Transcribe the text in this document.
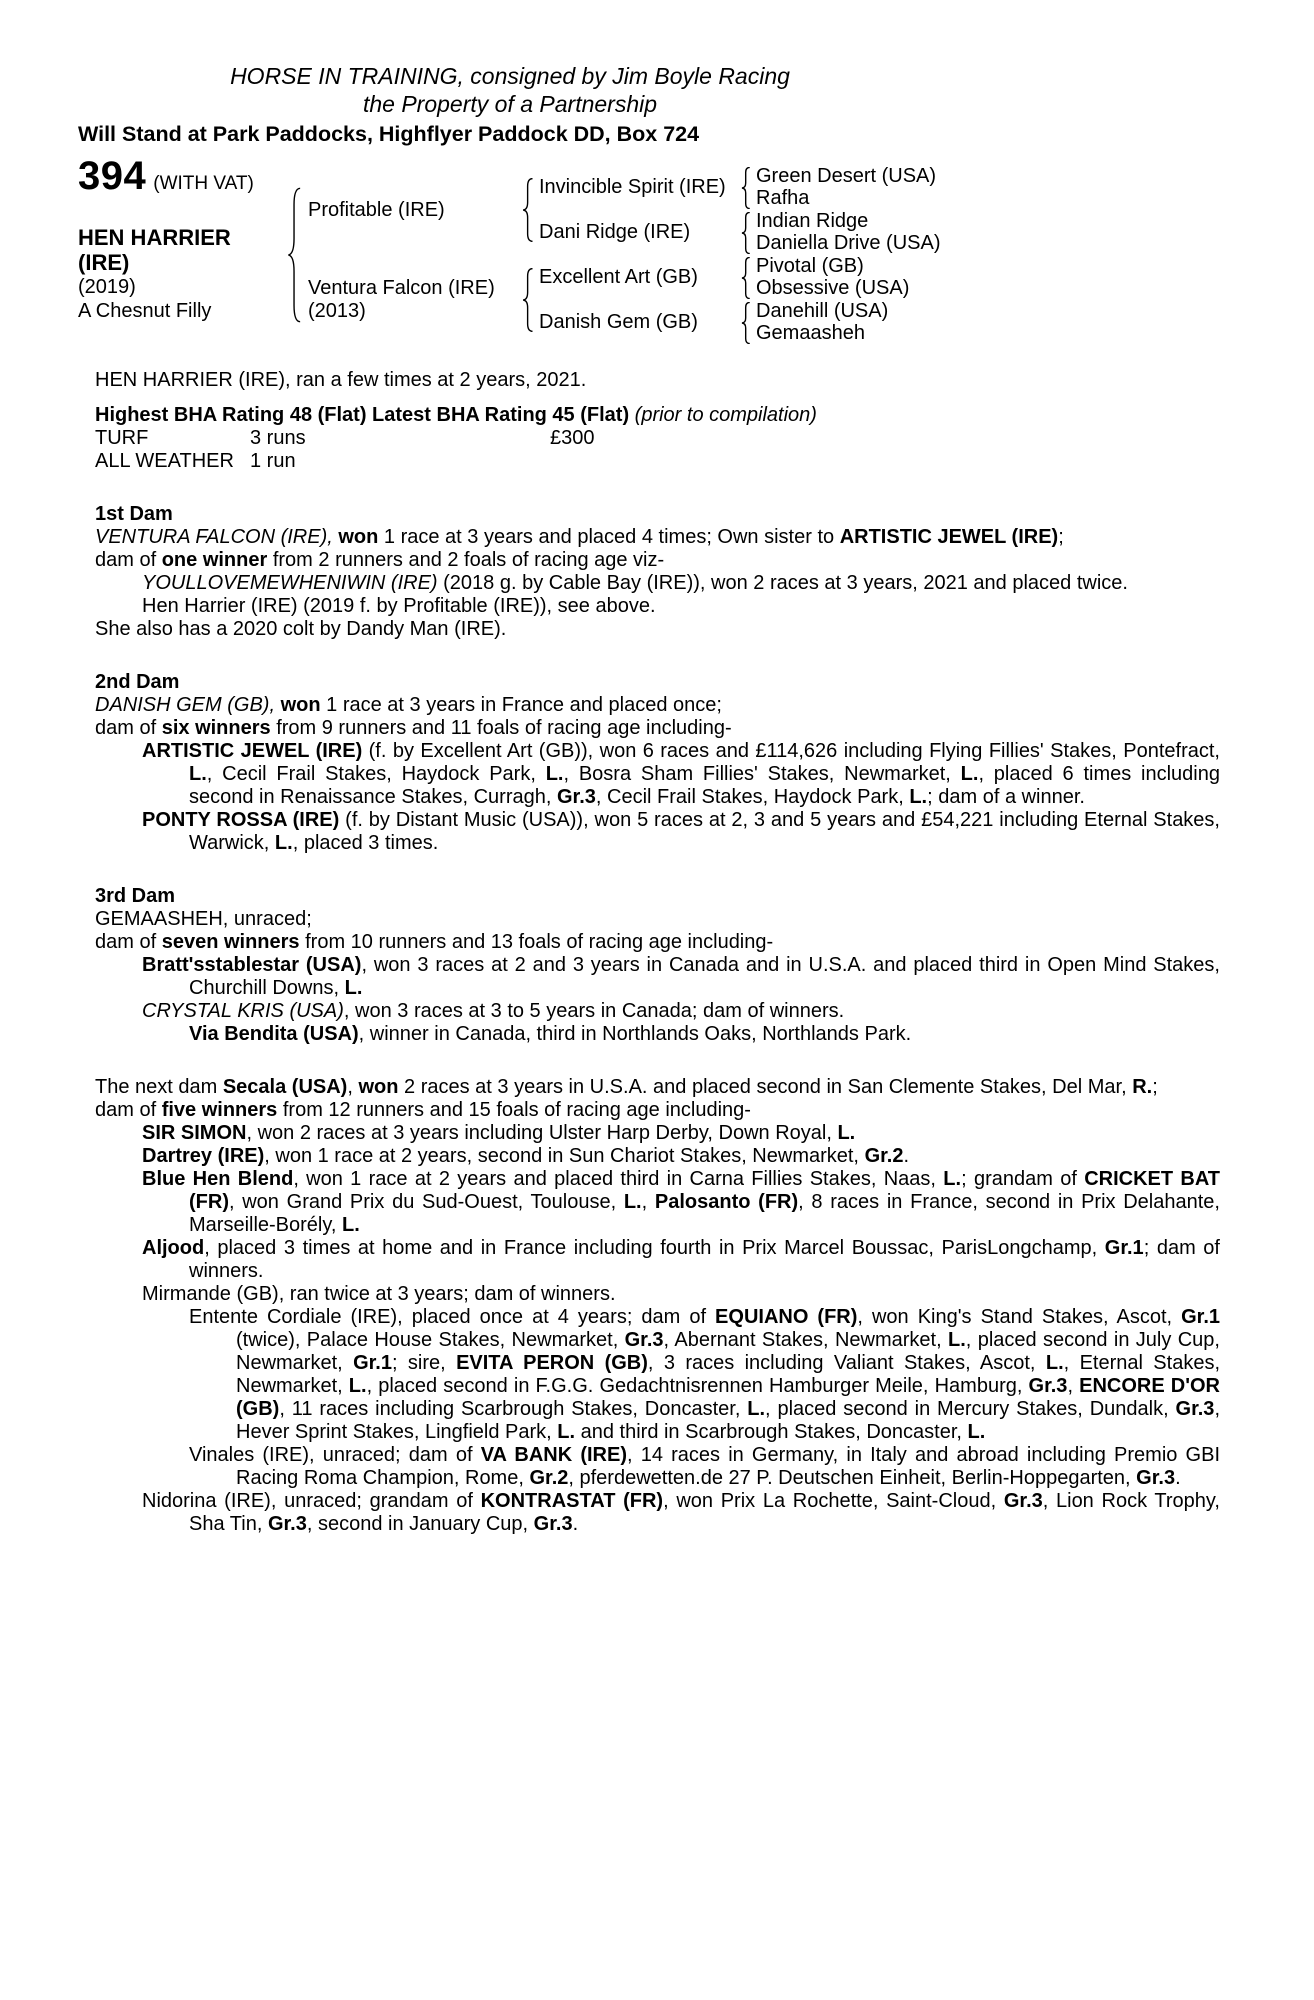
HORSE IN TRAINING, consigned by Jim Boyle Racing
the Property of a Partnership
Will Stand at Park Paddocks, Highflyer Paddock DD, Box 724
394 (WITH VAT)
HEN HARRIER (IRE)
(2019)
A Chesnut Filly
Profitable (IRE)
Invincible Spirit (IRE)
Green Desert (USA)
Rafha
Dani Ridge (IRE)
Indian Ridge
Daniella Drive (USA)
Ventura Falcon (IRE)
(2013)
Excellent Art (GB)
Pivotal (GB)
Obsessive (USA)
Danish Gem (GB)
Danehill (USA)
Gemaasheh
HEN HARRIER (IRE), ran a few times at 2 years, 2021.
Highest BHA Rating 48 (Flat) Latest BHA Rating 45 (Flat) (prior to compilation)
TURF	3 runs	£300
ALL WEATHER 1 run
1st Dam
VENTURA FALCON (IRE), won 1 race at 3 years and placed 4 times; Own sister to ARTISTIC JEWEL (IRE);
dam of one winner from 2 runners and 2 foals of racing age viz-
YOULLOVEMEWHENIWIN (IRE) (2018 g. by Cable Bay (IRE)), won 2 races at 3 years, 2021 and placed twice.
Hen Harrier (IRE) (2019 f. by Profitable (IRE)), see above.
She also has a 2020 colt by Dandy Man (IRE).
2nd Dam
DANISH GEM (GB), won 1 race at 3 years in France and placed once;
dam of six winners from 9 runners and 11 foals of racing age including-
ARTISTIC JEWEL (IRE) (f. by Excellent Art (GB)), won 6 races and £114,626 including Flying Fillies' Stakes, Pontefract, L., Cecil Frail Stakes, Haydock Park, L., Bosra Sham Fillies' Stakes, Newmarket, L., placed 6 times including second in Renaissance Stakes, Curragh, Gr.3, Cecil Frail Stakes, Haydock Park, L.; dam of a winner.
PONTY ROSSA (IRE) (f. by Distant Music (USA)), won 5 races at 2, 3 and 5 years and £54,221 including Eternal Stakes, Warwick, L., placed 3 times.
3rd Dam
GEMAASHEH, unraced;
dam of seven winners from 10 runners and 13 foals of racing age including-
Bratt'sstablestar (USA), won 3 races at 2 and 3 years in Canada and in U.S.A. and placed third in Open Mind Stakes, Churchill Downs, L.
CRYSTAL KRIS (USA), won 3 races at 3 to 5 years in Canada; dam of winners.
Via Bendita (USA), winner in Canada, third in Northlands Oaks, Northlands Park.
The next dam Secala (USA), won 2 races at 3 years in U.S.A. and placed second in San Clemente Stakes, Del Mar, R.;
dam of five winners from 12 runners and 15 foals of racing age including-
SIR SIMON, won 2 races at 3 years including Ulster Harp Derby, Down Royal, L.
Dartrey (IRE), won 1 race at 2 years, second in Sun Chariot Stakes, Newmarket, Gr.2.
Blue Hen Blend, won 1 race at 2 years and placed third in Carna Fillies Stakes, Naas, L.; grandam of CRICKET BAT (FR), won Grand Prix du Sud-Ouest, Toulouse, L., Palosanto (FR), 8 races in France, second in Prix Delahante, Marseille-Borély, L.
Aljood, placed 3 times at home and in France including fourth in Prix Marcel Boussac, ParisLongchamp, Gr.1; dam of winners.
Mirmande (GB), ran twice at 3 years; dam of winners.
Entente Cordiale (IRE), placed once at 4 years; dam of EQUIANO (FR), won King's Stand Stakes, Ascot, Gr.1 (twice), Palace House Stakes, Newmarket, Gr.3, Abernant Stakes, Newmarket, L., placed second in July Cup, Newmarket, Gr.1; sire, EVITA PERON (GB), 3 races including Valiant Stakes, Ascot, L., Eternal Stakes, Newmarket, L., placed second in F.G.G. Gedachtnisrennen Hamburger Meile, Hamburg, Gr.3, ENCORE D'OR (GB), 11 races including Scarbrough Stakes, Doncaster, L., placed second in Mercury Stakes, Dundalk, Gr.3, Hever Sprint Stakes, Lingfield Park, L. and third in Scarbrough Stakes, Doncaster, L.
Vinales (IRE), unraced; dam of VA BANK (IRE), 14 races in Germany, in Italy and abroad including Premio GBI Racing Roma Champion, Rome, Gr.2, pferdewetten.de 27 P. Deutschen Einheit, Berlin-Hoppegarten, Gr.3.
Nidorina (IRE), unraced; grandam of KONTRASTAT (FR), won Prix La Rochette, Saint-Cloud, Gr.3, Lion Rock Trophy, Sha Tin, Gr.3, second in January Cup, Gr.3.
